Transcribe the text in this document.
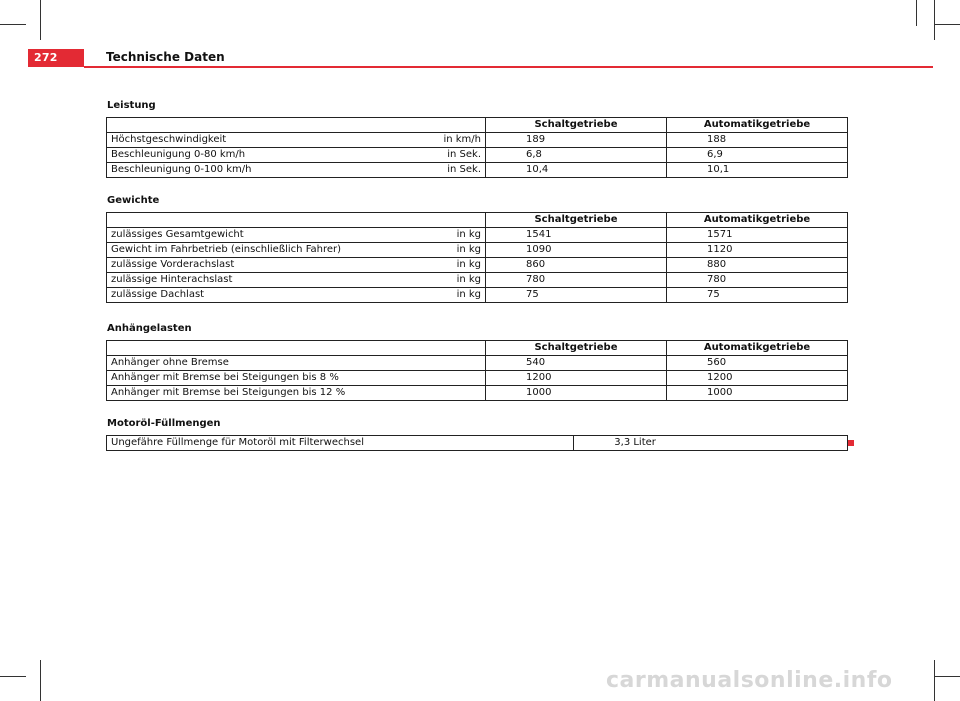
272	Technische Daten
Leistung
	Schaltgetriebe	Automatikgetriebe

Höchstgeschwindigkeit in km/h	189	188

Beschleunigung 0-80 km/h in Sek.	6,8	6,9

Beschleunigung 0-100 km/h in Sek.	10,4	10,1
Gewichte
	Schaltgetriebe	Automatikgetriebe

zulässiges Gesamtgewicht in kg	1541	1571

Gewicht im Fahrbetrieb (einschließlich Fahrer) in kg	1090	1120

zulässige Vorderachslast in kg	860	880

zulässige Hinterachslast in kg	780	780

zulässige Dachlast in kg	75	75
Anhängelasten
	Schaltgetriebe	Automatikgetriebe

Anhänger ohne Bremse	540	560

Anhänger mit Bremse bei Steigungen bis 8 %	1200	1200

Anhänger mit Bremse bei Steigungen bis 12 %	1000	1000
Motoröl-Füllmengen
Ungefähre Füllmenge für Motoröl mit Filterwechsel	3,3 Liter
carmanualsonline.info
